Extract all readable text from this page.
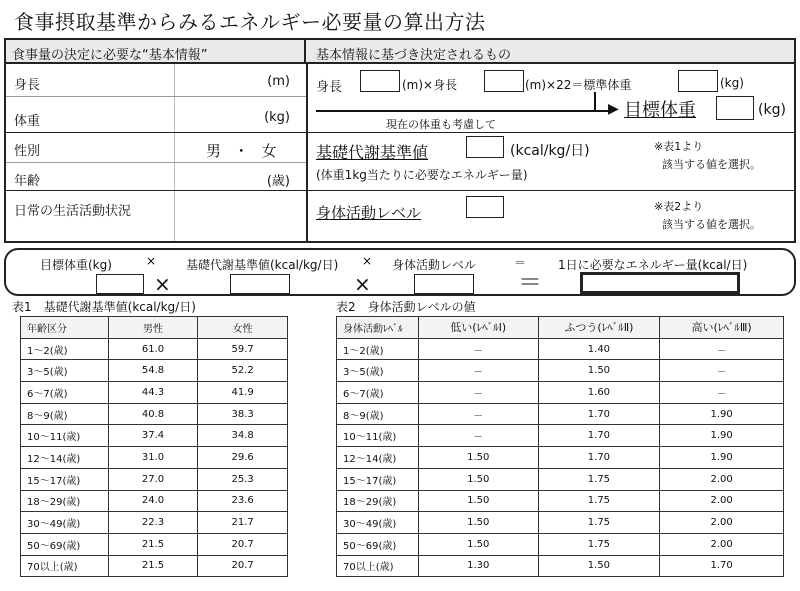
食事摂取基準からみるエネルギー必要量の算出方法
食事量の決定に必要な“基本情報”	基本情報に基づき決定されるもの
身長	(m)
体重	(kg)
性別	男 ・ 女
年齢	(歳)
日常の生活活動状況
身長	(m)×身長	(m)×22＝標準体重	(kg)
▶ 目標体重	(kg)
現在の体重も考慮して
基礎代謝基準値	(kcal/kg/日)
(体重1kg当たりに必要なエネルギー量)
※表1より
該当する値を選択。
身体活動レベル	※表2より
該当する値を選択。
目標体重(kg)	× 基礎代謝基準値(kcal/kg/日) × 身体活動レベル	＝	1日に必要なエネルギー量(kcal/日)
×	×	＝
表1　基礎代謝基準値(kcal/kg/日)
年齢区分	男性	女性
1～2(歳)	61.0	59.7
3～5(歳)	54.8	52.2
6～7(歳)	44.3	41.9
8～9(歳)	40.8	38.3
10～11(歳)	37.4	34.8
12～14(歳)	31.0	29.6
15～17(歳)	27.0	25.3
18～29(歳)	24.0	23.6
30～49(歳)	22.3	21.7
50～69(歳)	21.5	20.7
70以上(歳)	21.5	20.7
表2　身体活動レベルの値
身体活動ﾚﾍﾞﾙ	低い(ﾚﾍﾞﾙⅠ)	ふつう(ﾚﾍﾞﾙⅡ)	高い(ﾚﾍﾞﾙⅢ)
1～2(歳)	－	1.40	－
3～5(歳)	－	1.50	－
6～7(歳)	－	1.60	－
8～9(歳)	－	1.70	1.90
10～11(歳)	－	1.70	1.90
12～14(歳)	1.50	1.70	1.90
15～17(歳)	1.50	1.75	2.00
18～29(歳)	1.50	1.75	2.00
30～49(歳)	1.50	1.75	2.00
50～69(歳)	1.50	1.75	2.00
70以上(歳)	1.30	1.50	1.70
